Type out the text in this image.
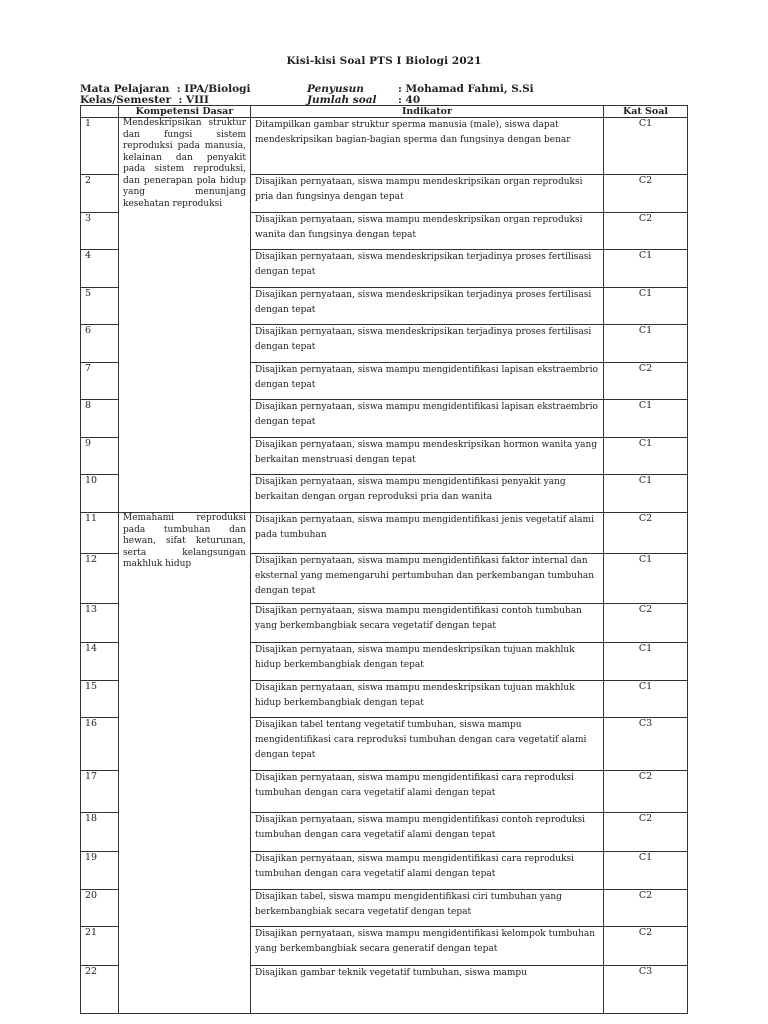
Kisi-kisi Soal PTS I Biologi 2021
Mata Pelajaran  : IPA/Biologi
Kelas/Semester  : VIII
Penyusun	: Mohamad Fahmi, S.Si
Jumlah soal : 40
	Kompetensi Dasar	Indikator	Kat Soal
1	Mendeskripsikan struktur dan fungsi sistem reproduksi pada manusia, kelainan dan penyakit pada sistem reproduksi, dan penerapan pola hidup yang menunjang kesehatan reproduksi	Ditampilkan gambar struktur sperma manusia (male), siswa dapat mendeskripsikan bagian-bagian sperma dan fungsinya dengan benar	C1
2		Disajikan pernyataan, siswa mampu mendeskripsikan organ reproduksi pria dan fungsinya dengan tepat	C2
3		Disajikan pernyataan, siswa mampu mendeskripsikan organ reproduksi wanita dan fungsinya dengan tepat	C2
4		Disajikan pernyataan, siswa mendeskripsikan terjadinya proses fertilisasi dengan tepat	C1
5		Disajikan pernyataan, siswa mendeskripsikan terjadinya proses fertilisasi dengan tepat	C1
6		Disajikan pernyataan, siswa mendeskripsikan terjadinya proses fertilisasi dengan tepat	C1
7		Disajikan pernyataan, siswa mampu mengidentifikasi lapisan ekstraembrio dengan tepat	C2
8		Disajikan pernyataan, siswa mampu mengidentifikasi lapisan ekstraembrio dengan tepat	C1
9		Disajikan pernyataan, siswa mampu mendeskripsikan hormon wanita yang berkaitan menstruasi dengan tepat	C1
10		Disajikan pernyataan, siswa mampu mengidentifikasi penyakit yang berkaitan dengan organ reproduksi pria dan wanita	C1
11	Memahami reproduksi pada tumbuhan dan hewan, sifat keturunan, serta kelangsungan makhluk hidup	Disajikan pernyataan, siswa mampu mengidentifikasi jenis vegetatif alami pada tumbuhan	C2
12		Disajikan pernyataan, siswa mampu mengidentifikasi faktor internal dan eksternal yang memengaruhi pertumbuhan dan perkembangan tumbuhan dengan tepat	C1
13		Disajikan pernyataan, siswa mampu mengidentifikasi contoh tumbuhan yang berkembangbiak secara vegetatif dengan tepat	C2
14		Disajikan pernyataan, siswa mampu mendeskripsikan tujuan makhluk hidup berkembangbiak dengan tepat	C1
15		Disajikan pernyataan, siswa mampu mendeskripsikan tujuan makhluk hidup berkembangbiak dengan tepat	C1
16		Disajikan tabel tentang vegetatif tumbuhan, siswa mampu mengidentifikasi cara reproduksi tumbuhan dengan cara vegetatif alami dengan tepat	C3
17		Disajikan pernyataan, siswa mampu mengidentifikasi cara reproduksi tumbuhan dengan cara vegetatif alami dengan tepat	C2
18		Disajikan pernyataan, siswa mampu mengidentifikasi contoh reproduksi tumbuhan dengan cara vegetatif alami dengan tepat	C2
19		Disajikan pernyataan, siswa mampu mengidentifikasi cara reproduksi tumbuhan dengan cara vegetatif alami dengan tepat	C1
20		Disajikan tabel, siswa mampu mengidentifikasi ciri tumbuhan yang berkembangbiak secara vegetatif dengan tepat	C2
21		Disajikan pernyataan, siswa mampu mengidentifikasi kelompok tumbuhan yang berkembangbiak secara generatif dengan tepat	C2
22		Disajikan gambar teknik vegetatif tumbuhan, siswa mampu	C3
